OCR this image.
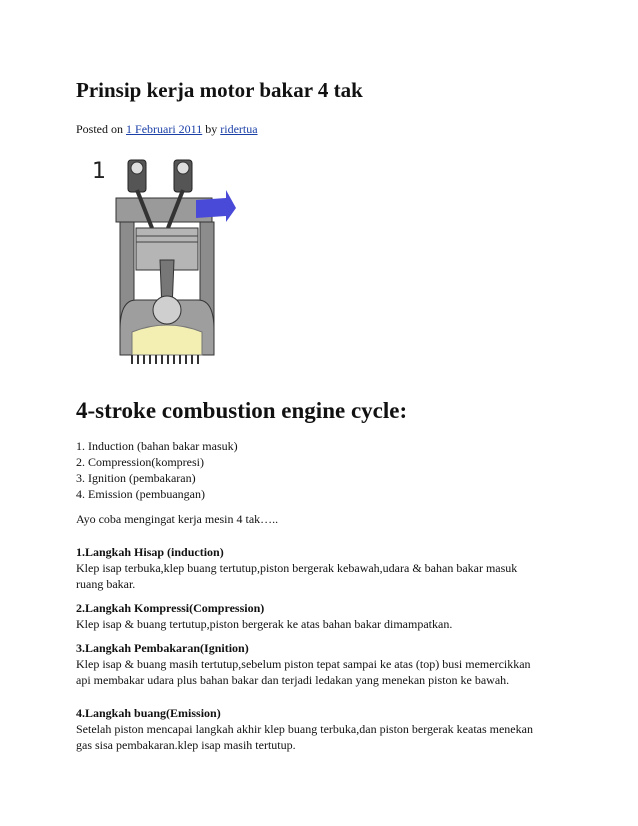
Prinsip kerja motor bakar 4 tak
Posted on 1 Februari 2011 by ridertua
1
4-stroke combustion engine cycle:
1. Induction (bahan bakar masuk)
2. Compression(kompresi)
3. Ignition (pembakaran)
4. Emission (pembuangan)
Ayo coba mengingat kerja mesin 4 tak…..
1.Langkah Hisap (induction)
Klep isap terbuka,klep buang tertutup,piston bergerak kebawah,udara & bahan bakar masuk
ruang bakar.
2.Langkah Kompressi(Compression)
Klep isap & buang tertutup,piston bergerak ke atas bahan bakar dimampatkan.
3.Langkah Pembakaran(Ignition)
Klep isap & buang masih tertutup,sebelum piston tepat sampai ke atas (top) busi memercikkan
api membakar udara plus bahan bakar dan terjadi ledakan yang menekan piston ke bawah.
4.Langkah buang(Emission)
Setelah piston mencapai langkah akhir klep buang terbuka,dan piston bergerak keatas menekan
gas sisa pembakaran.klep isap masih tertutup.
